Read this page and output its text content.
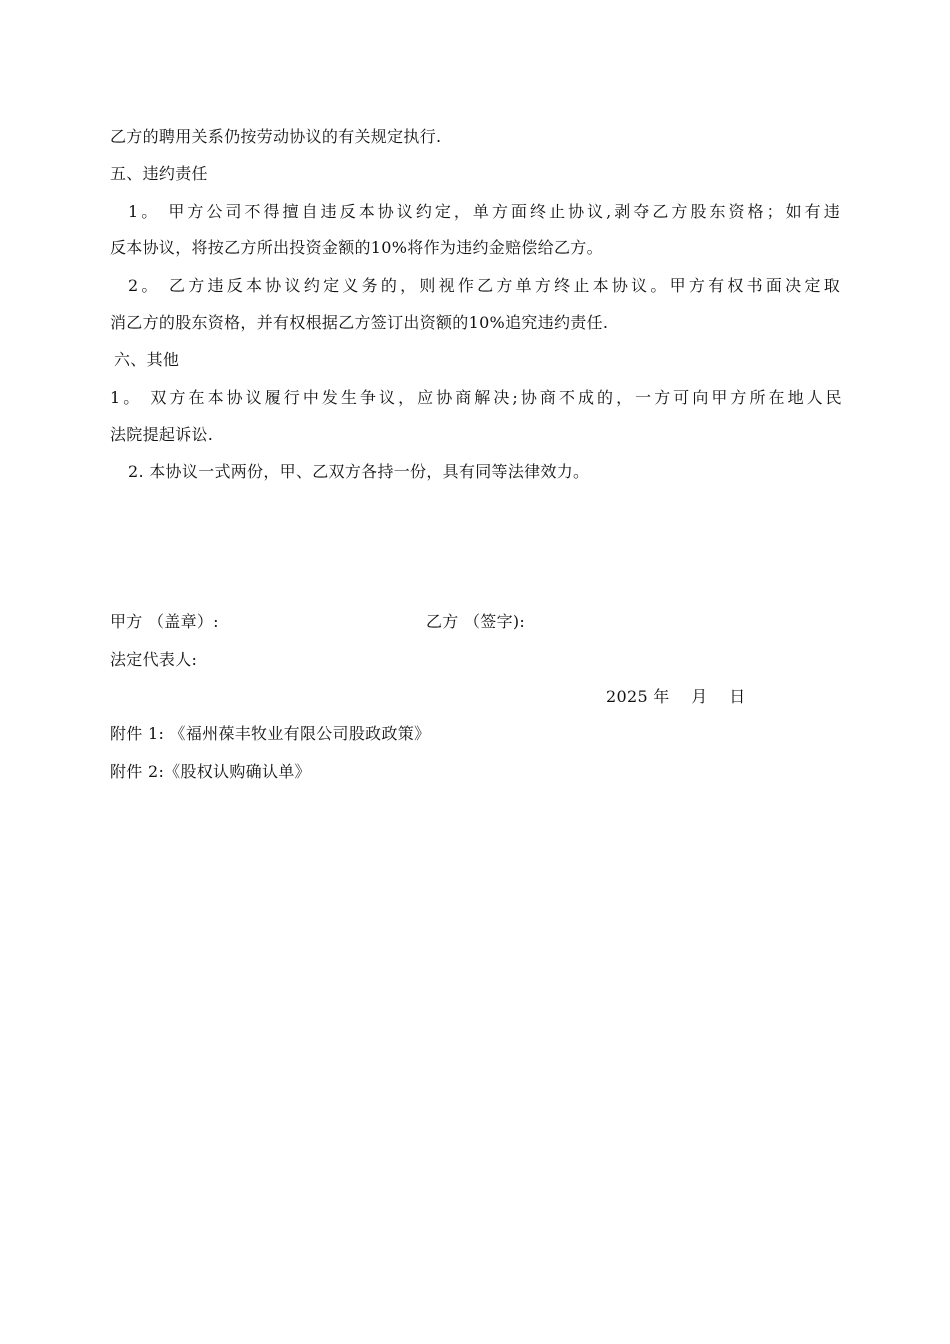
乙方的聘用关系仍按劳动协议的有关规定执行.
五、违约责任
1。 甲方公司不得擅自违反本协议约定，单方面终止协议,剥夺乙方股东资格；如有违
反本协议，将按乙方所出投资金额的10%将作为违约金赔偿给乙方。
2。 乙方违反本协议约定义务的，则视作乙方单方终止本协议。甲方有权书面决定取
消乙方的股东资格，并有权根据乙方签订出资额的10%追究违约责任.
六、其他
1。 双方在本协议履行中发生争议，应协商解决;协商不成的，一方可向甲方所在地人民
法院提起诉讼.
2. 本协议一式两份，甲、乙双方各持一份，具有同等法律效力。
甲方 （盖章）:	乙方 （签字):
法定代表人:
2025 年　 月　 日
附件 1: 《福州葆丰牧业有限公司股政政策》
附件 2:《股权认购确认单》
